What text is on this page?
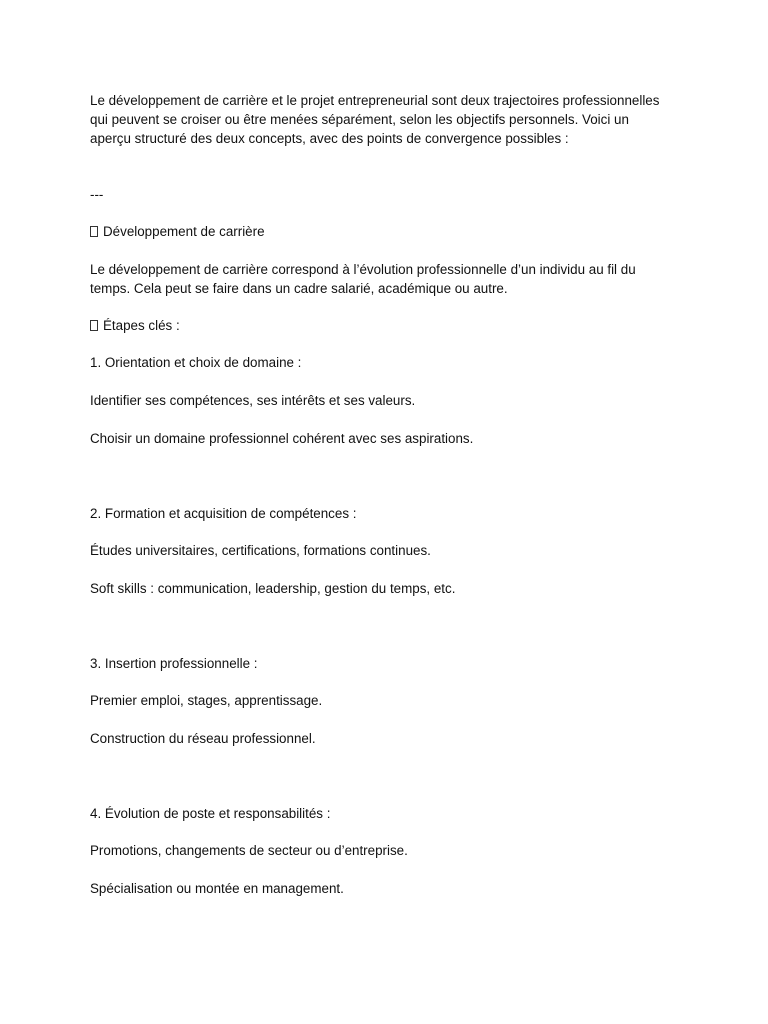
Le développement de carrière et le projet entrepreneurial sont deux trajectoires professionnelles

qui peuvent se croiser ou être menées séparément, selon les objectifs personnels. Voici un

aperçu structuré des deux concepts, avec des points de convergence possibles :

---

Développement de carrière

Le développement de carrière correspond à l’évolution professionnelle d’un individu au fil du

temps. Cela peut se faire dans un cadre salarié, académique ou autre.

Étapes clés :

1. Orientation et choix de domaine :

Identifier ses compétences, ses intérêts et ses valeurs.

Choisir un domaine professionnel cohérent avec ses aspirations.

2. Formation et acquisition de compétences :

Études universitaires, certifications, formations continues.

Soft skills : communication, leadership, gestion du temps, etc.

3. Insertion professionnelle :

Premier emploi, stages, apprentissage.

Construction du réseau professionnel.

4. Évolution de poste et responsabilités :

Promotions, changements de secteur ou d’entreprise.

Spécialisation ou montée en management.
